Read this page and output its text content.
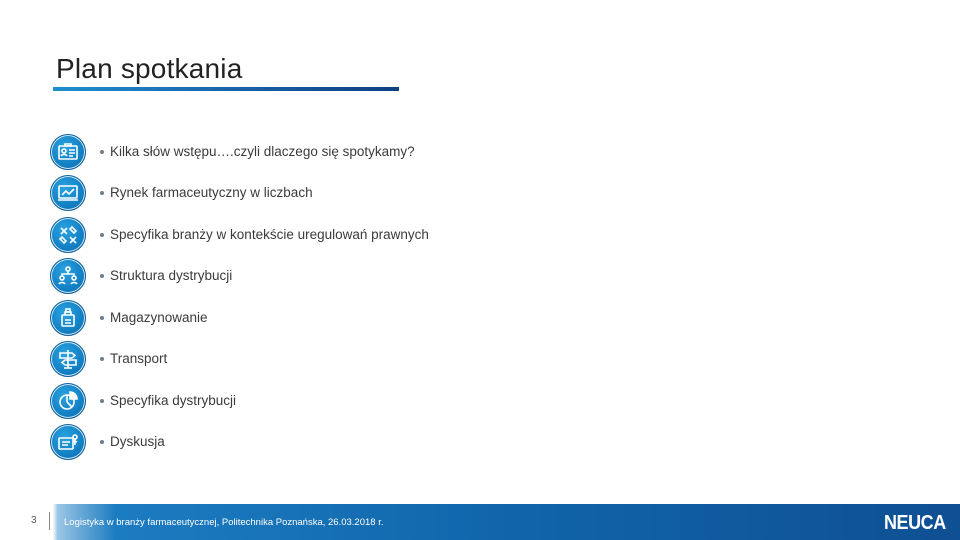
Plan spotkania
Kilka słów wstępu….czyli dlaczego się spotykamy?
Rynek farmaceutyczny w liczbach
Specyfika branży w kontekście uregulowań prawnych
Struktura dystrybucji
Magazynowanie
Transport
Specyfika dystrybucji
Dyskusja
3	Logistyka w branży farmaceutycznej, Politechnika Poznańska, 26.03.2018 r.	NEUCA
